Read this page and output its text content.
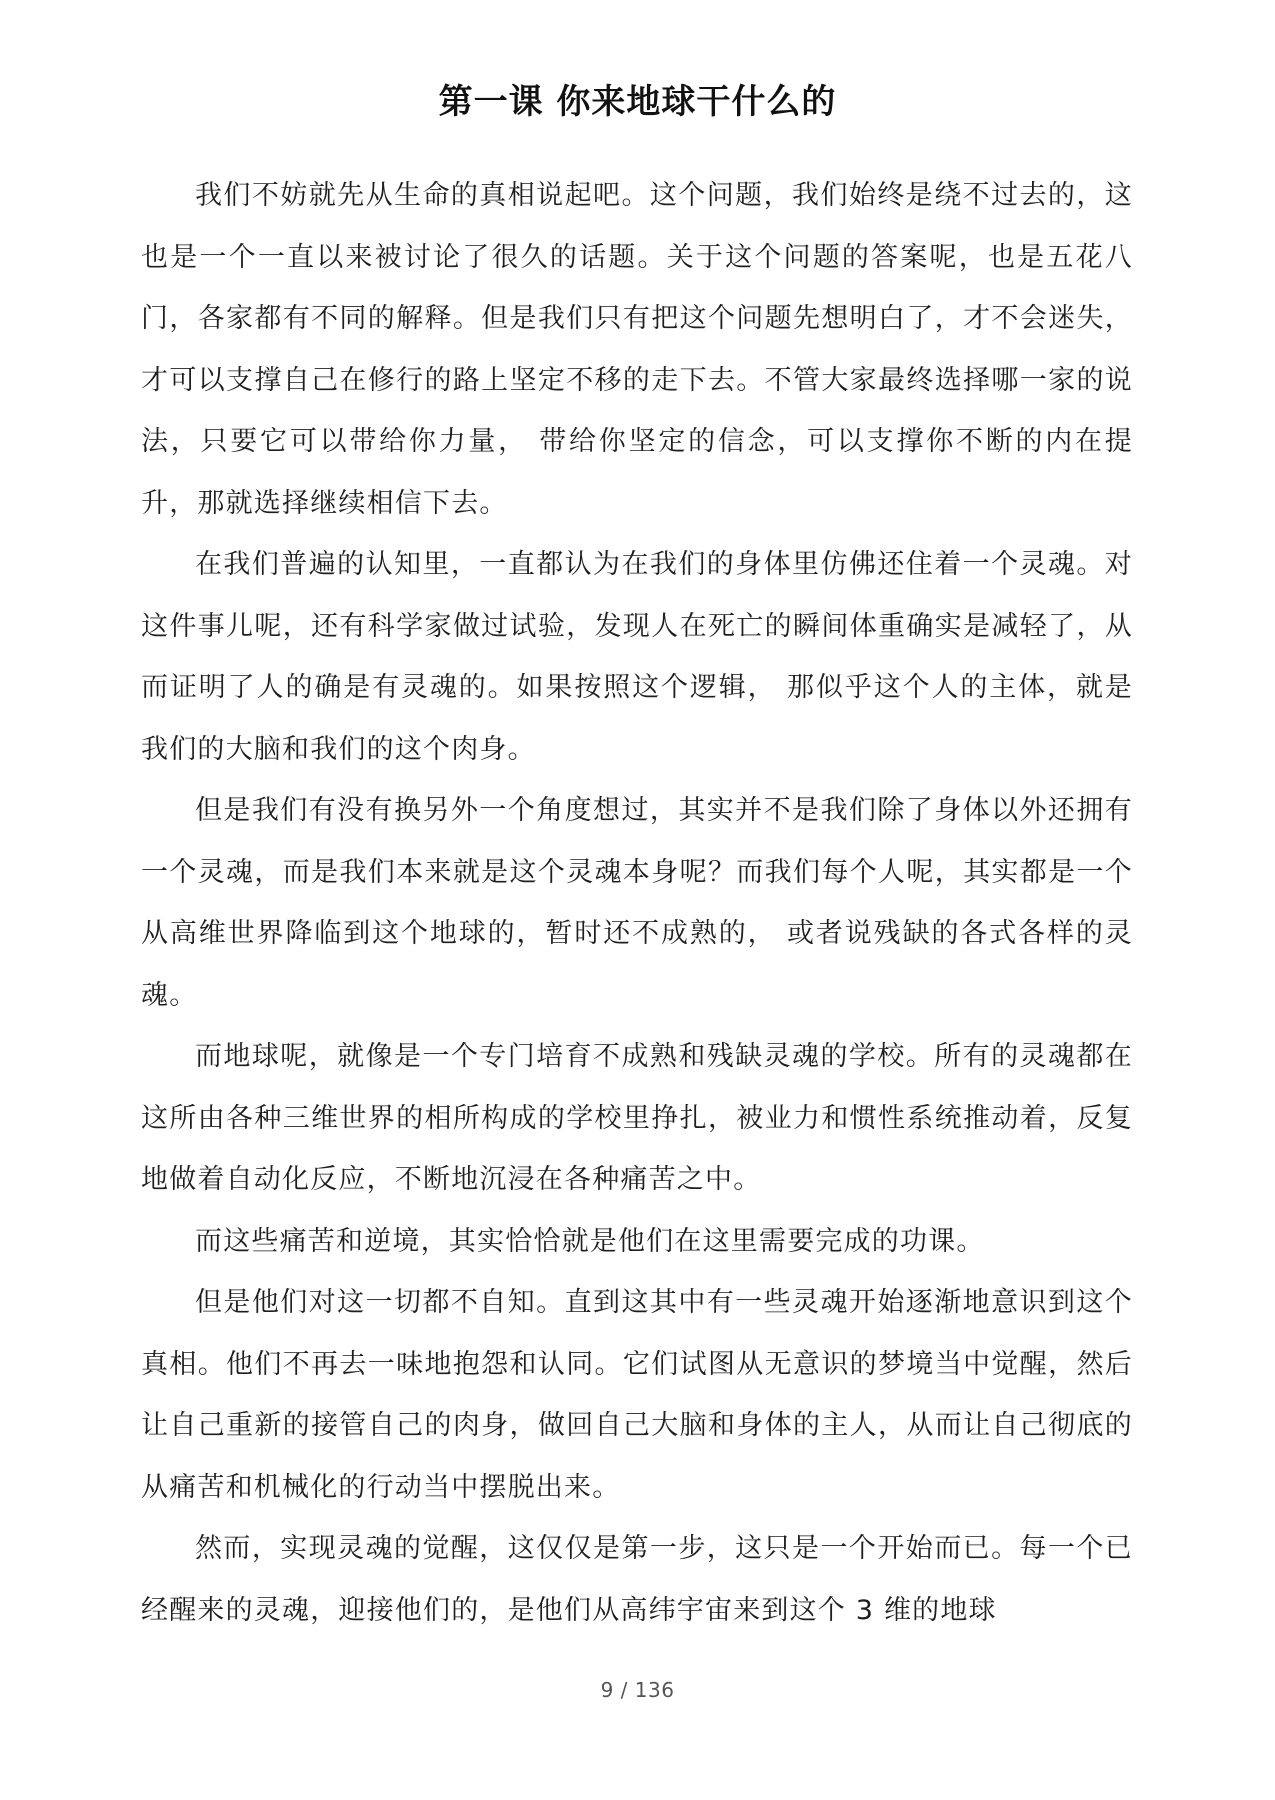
第一课 你来地球干什么的

我们不妨就先从生命的真相说起吧。这个问题，我们始终是绕不过去的，这也是一个一直以来被讨论了很久的话题。关于这个问题的答案呢，也是五花八门，各家都有不同的解释。但是我们只有把这个问题先想明白了，才不会迷失，才可以支撑自己在修行的路上坚定不移的走下去。不管大家最终选择哪一家的说法，只要它可以带给你力量， 带给你坚定的信念，可以支撑你不断的内在提升，那就选择继续相信下去。

在我们普遍的认知里，一直都认为在我们的身体里仿佛还住着一个灵魂。对这件事儿呢，还有科学家做过试验，发现人在死亡的瞬间体重确实是减轻了，从而证明了人的确是有灵魂的。如果按照这个逻辑， 那似乎这个人的主体，就是我们的大脑和我们的这个肉身。

但是我们有没有换另外一个角度想过，其实并不是我们除了身体以外还拥有一个灵魂，而是我们本来就是这个灵魂本身呢？而我们每个人呢，其实都是一个从高维世界降临到这个地球的，暂时还不成熟的， 或者说残缺的各式各样的灵魂。

而地球呢，就像是一个专门培育不成熟和残缺灵魂的学校。所有的灵魂都在这所由各种三维世界的相所构成的学校里挣扎，被业力和惯性系统推动着，反复地做着自动化反应，不断地沉浸在各种痛苦之中。

而这些痛苦和逆境，其实恰恰就是他们在这里需要完成的功课。

但是他们对这一切都不自知。直到这其中有一些灵魂开始逐渐地意识到这个真相。他们不再去一味地抱怨和认同。它们试图从无意识的梦境当中觉醒，然后让自己重新的接管自己的肉身，做回自己大脑和身体的主人，从而让自己彻底的从痛苦和机械化的行动当中摆脱出来。

然而，实现灵魂的觉醒，这仅仅是第一步，这只是一个开始而已。每一个已经醒来的灵魂，迎接他们的，是他们从高纬宇宙来到这个 3 维的地球

9 / 136
